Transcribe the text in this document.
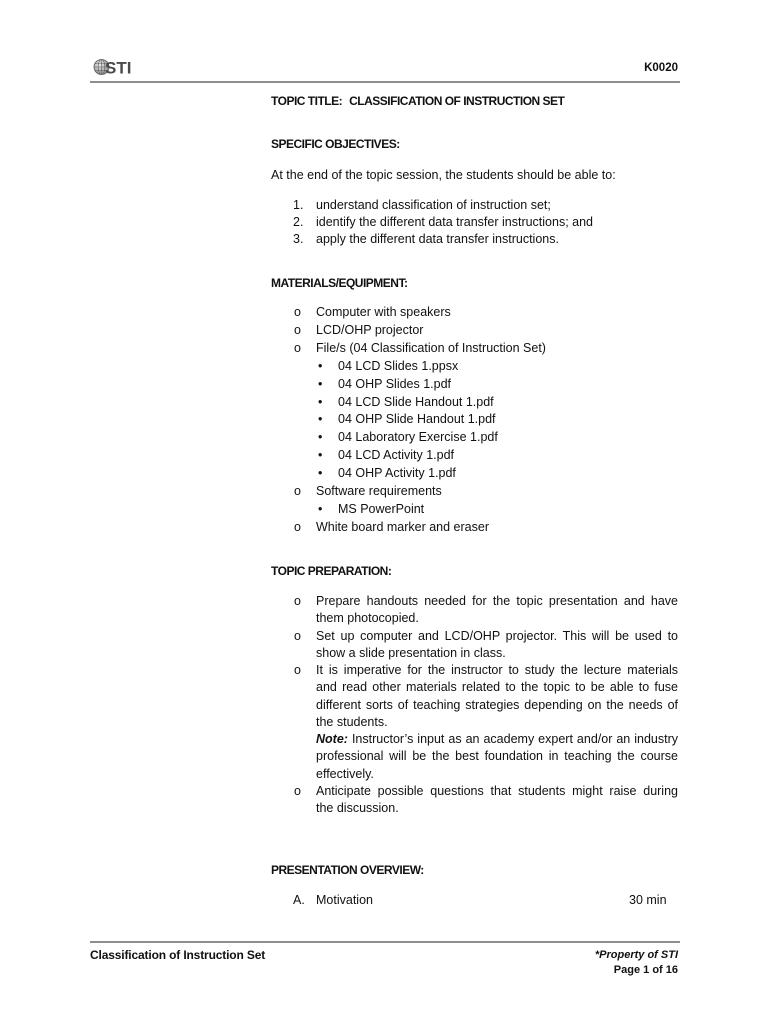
STI	K0020
TOPIC TITLE: CLASSIFICATION OF INSTRUCTION SET
SPECIFIC OBJECTIVES:
At the end of the topic session, the students should be able to:
1. understand classification of instruction set;
2. identify the different data transfer instructions; and
3. apply the different data transfer instructions.
MATERIALS/EQUIPMENT:
o Computer with speakers
o LCD/OHP projector
o File/s (04 Classification of Instruction Set)
• 04 LCD Slides 1.ppsx
• 04 OHP Slides 1.pdf
• 04 LCD Slide Handout 1.pdf
• 04 OHP Slide Handout 1.pdf
• 04 Laboratory Exercise 1.pdf
• 04 LCD Activity 1.pdf
• 04 OHP Activity 1.pdf
o Software requirements
• MS PowerPoint
o White board marker and eraser
TOPIC PREPARATION:
o Prepare handouts needed for the topic presentation and have
them photocopied.
o Set up computer and LCD/OHP projector. This will be used to
show a slide presentation in class.
o It is imperative for the instructor to study the lecture materials
and read other materials related to the topic to be able to fuse
different sorts of teaching strategies depending on the needs of
the students.
Note: Instructor’s input as an academy expert and/or an industry
professional will be the best foundation in teaching the course
effectively.
o Anticipate possible questions that students might raise during
the discussion.
PRESENTATION OVERVIEW:
A. Motivation	30 min
Classification of Instruction Set	*Property of STI
Page 1 of 16
